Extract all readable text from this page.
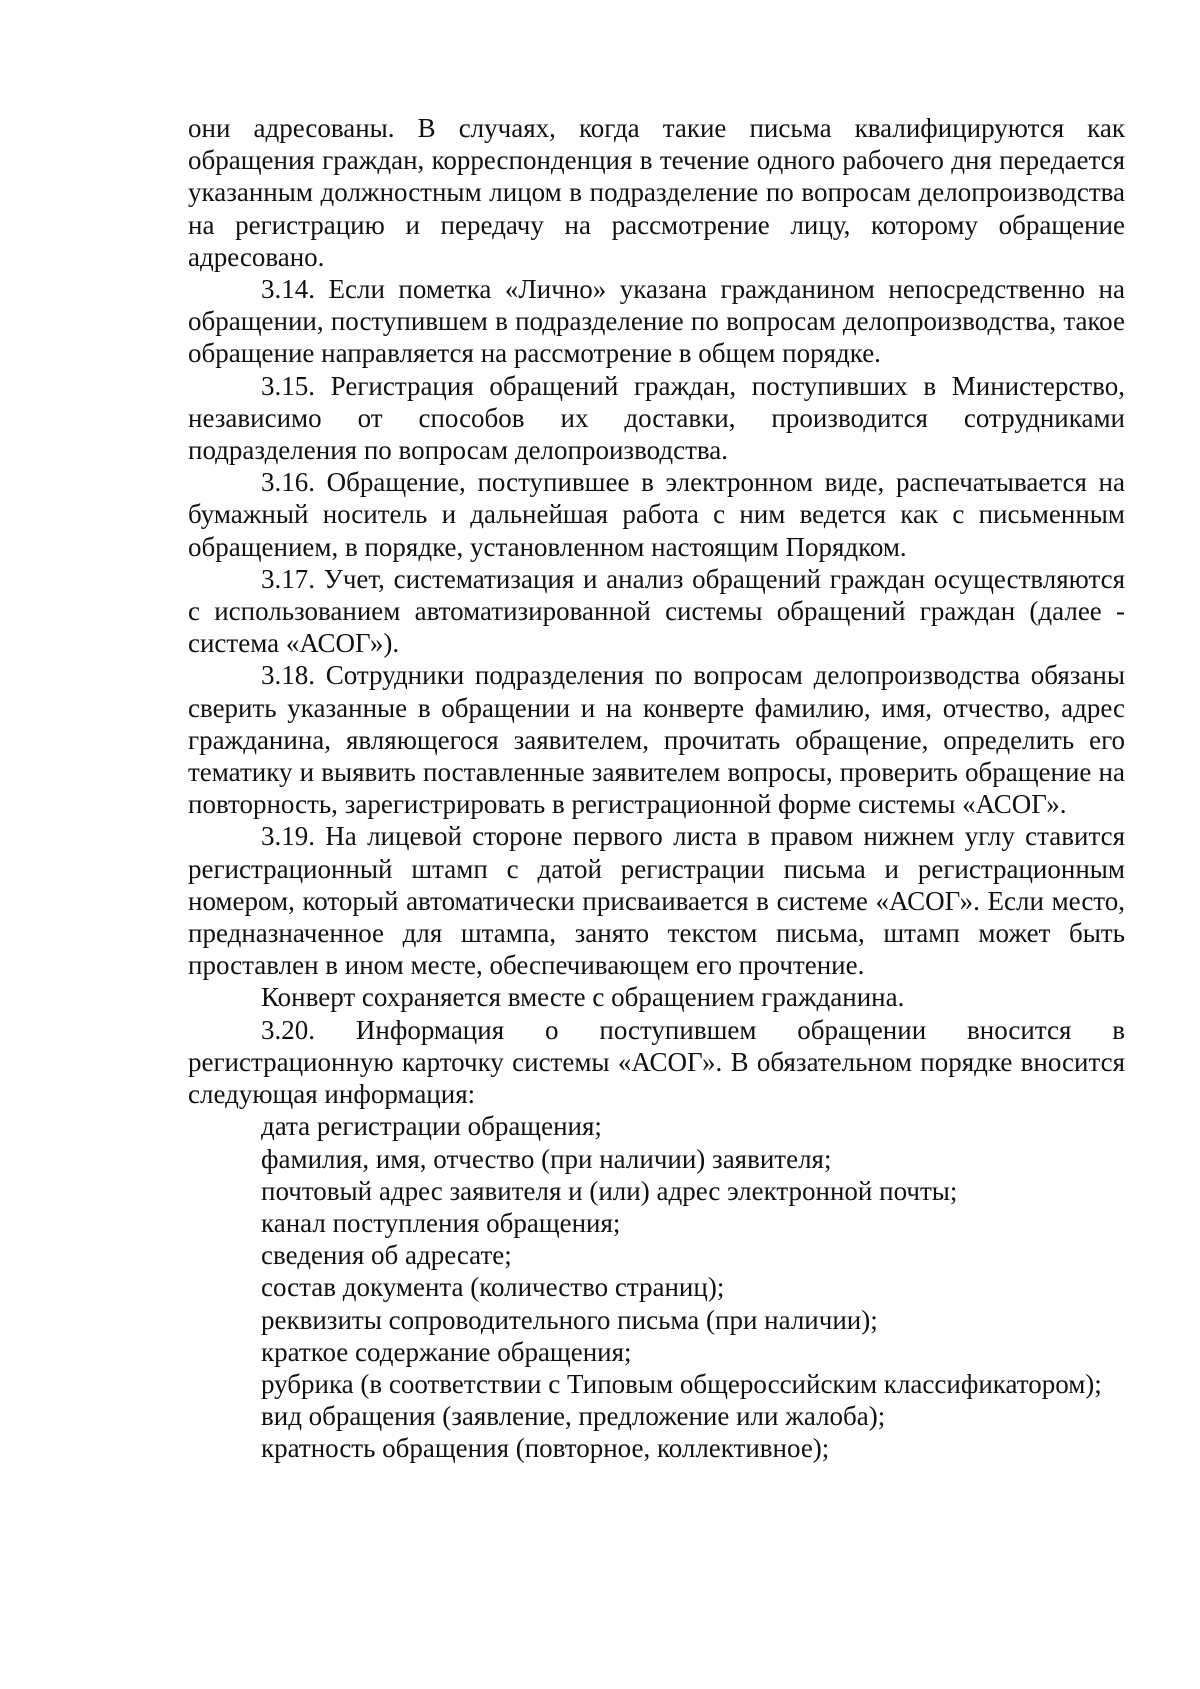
они адресованы. В случаях, когда такие письма квалифицируются как обращения граждан, корреспонденция в течение одного рабочего дня передается указанным должностным лицом в подразделение по вопросам делопроизводства на регистрацию и передачу на рассмотрение лицу, которому обращение адресовано.

3.14. Если пометка «Лично» указана гражданином непосредственно на обращении, поступившем в подразделение по вопросам делопроизводства, такое обращение направляется на рассмотрение в общем порядке.

3.15. Регистрация обращений граждан, поступивших в Министерство, независимо от способов их доставки, производится сотрудниками подразделения по вопросам делопроизводства.

3.16. Обращение, поступившее в электронном виде, распечатывается на бумажный носитель и дальнейшая работа с ним ведется как с письменным обращением, в порядке, установленном настоящим Порядком.

3.17. Учет, систематизация и анализ обращений граждан осуществляются с использованием автоматизированной системы обращений граждан (далее - система «АСОГ»).

3.18. Сотрудники подразделения по вопросам делопроизводства обязаны сверить указанные в обращении и на конверте фамилию, имя, отчество, адрес гражданина, являющегося заявителем, прочитать обращение, определить его тематику и выявить поставленные заявителем вопросы, проверить обращение на повторность, зарегистрировать в регистрационной форме системы «АСОГ».

3.19. На лицевой стороне первого листа в правом нижнем углу ставится регистрационный штамп с датой регистрации письма и регистрационным номером, который автоматически присваивается в системе «АСОГ». Если место, предназначенное для штампа, занято текстом письма, штамп может быть проставлен в ином месте, обеспечивающем его прочтение.

Конверт сохраняется вместе с обращением гражданина.

3.20. Информация о поступившем обращении вносится в регистрационную карточку системы «АСОГ». В обязательном порядке вносится следующая информация:

дата регистрации обращения;

фамилия, имя, отчество (при наличии) заявителя;

почтовый адрес заявителя и (или) адрес электронной почты;

канал поступления обращения;

сведения об адресате;

состав документа (количество страниц);

реквизиты сопроводительного письма (при наличии);

краткое содержание обращения;

рубрика (в соответствии с Типовым общероссийским классификатором);

вид обращения (заявление, предложение или жалоба);

кратность обращения (повторное, коллективное);
